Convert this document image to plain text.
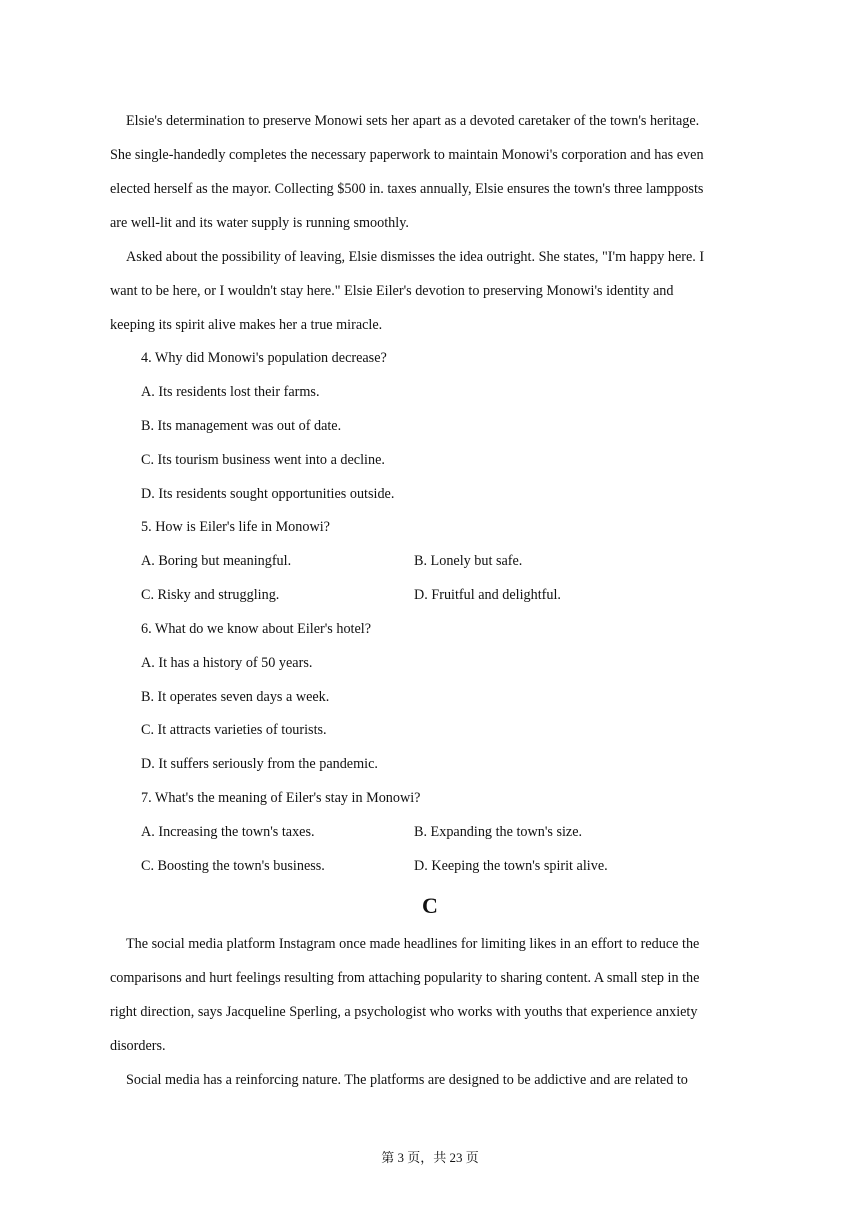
Elsie's determination to preserve Monowi sets her apart as a devoted caretaker of the town's heritage.
She single-handedly completes the necessary paperwork to maintain Monowi's corporation and has even
elected herself as the mayor. Collecting $500 in. taxes annually, Elsie ensures the town's three lampposts
are well-lit and its water supply is running smoothly.
Asked about the possibility of leaving, Elsie dismisses the idea outright. She states, "I'm happy here. I
want to be here, or I wouldn't stay here." Elsie Eiler's devotion to preserving Monowi's identity and
keeping its spirit alive makes her a true miracle.
4. Why did Monowi's population decrease?
A. Its residents lost their farms.
B. Its management was out of date.
C. Its tourism business went into a decline.
D. Its residents sought opportunities outside.
5. How is Eiler's life in Monowi?
A. Boring but meaningful.	B. Lonely but safe.
C. Risky and struggling.	D. Fruitful and delightful.
6. What do we know about Eiler's hotel?
A. It has a history of 50 years.
B. It operates seven days a week.
C. It attracts varieties of tourists.
D. It suffers seriously from the pandemic.
7. What's the meaning of Eiler's stay in Monowi?
A. Increasing the town's taxes.	B. Expanding the town's size.
C. Boosting the town's business.	D. Keeping the town's spirit alive.
C
The social media platform Instagram once made headlines for limiting likes in an effort to reduce the
comparisons and hurt feelings resulting from attaching popularity to sharing content. A small step in the
right direction, says Jacqueline Sperling, a psychologist who works with youths that experience anxiety
disorders.
Social media has a reinforcing nature. The platforms are designed to be addictive and are related to
第 3 页，共 23 页
